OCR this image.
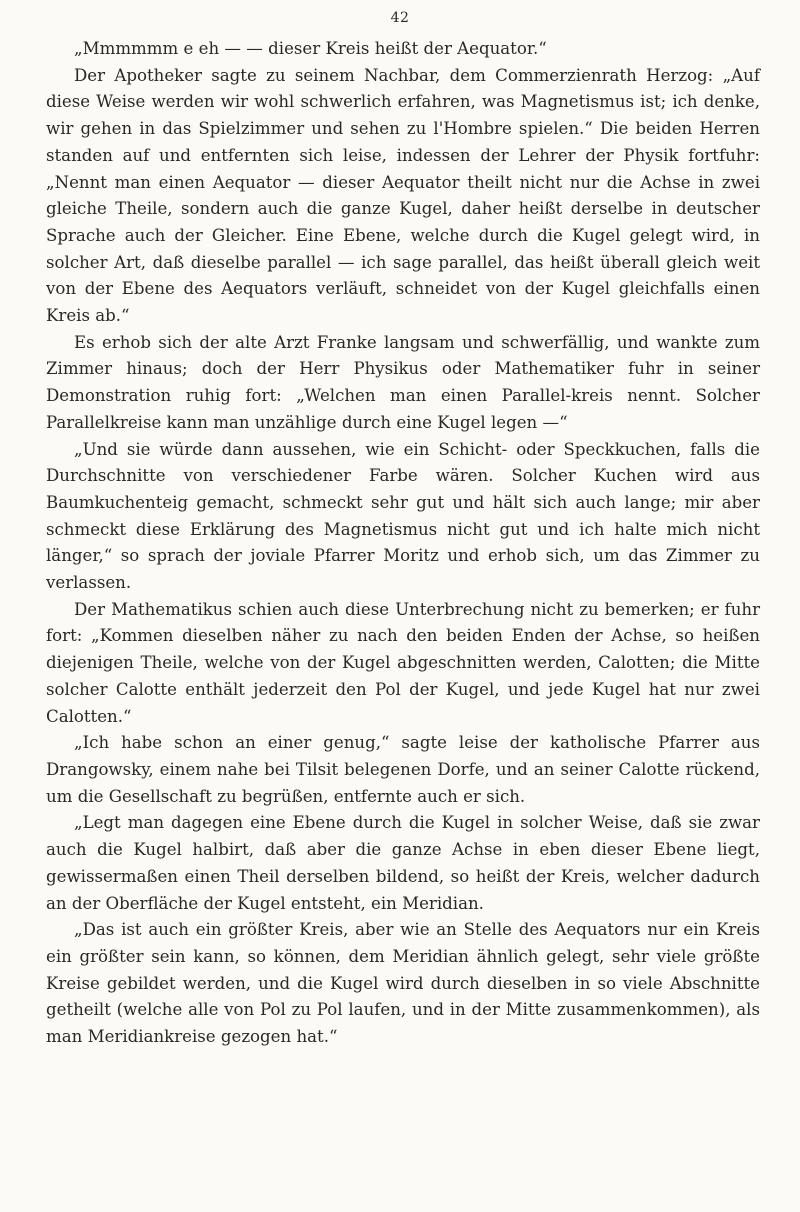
42

„Mmmmmm e eh — — dieser Kreis heißt der Aequator.“

Der Apotheker sagte zu seinem Nachbar, dem Commerzienrath Herzog: „Auf diese Weise werden wir wohl schwerlich erfahren, was Magnetismus ist; ich denke, wir gehen in das Spielzimmer und sehen zu l'Hombre spielen.“ Die beiden Herren standen auf und entfernten sich leise, indessen der Lehrer der Physik fortfuhr: „Nennt man einen Aequator — dieser Aequator theilt nicht nur die Achse in zwei gleiche Theile, sondern auch die ganze Kugel, daher heißt derselbe in deutscher Sprache auch der Gleicher. Eine Ebene, welche durch die Kugel gelegt wird, in solcher Art, daß dieselbe parallel — ich sage parallel, das heißt überall gleich weit von der Ebene des Aequators verläuft, schneidet von der Kugel gleichfalls einen Kreis ab.“

Es erhob sich der alte Arzt Franke langsam und schwerfällig, und wankte zum Zimmer hinaus; doch der Herr Physikus oder Mathematiker fuhr in seiner Demonstration ruhig fort: „Welchen man einen Parallel-kreis nennt. Solcher Parallelkreise kann man unzählige durch eine Kugel legen —“

„Und sie würde dann aussehen, wie ein Schicht- oder Speckkuchen, falls die Durchschnitte von verschiedener Farbe wären. Solcher Kuchen wird aus Baumkuchenteig gemacht, schmeckt sehr gut und hält sich auch lange; mir aber schmeckt diese Erklärung des Magnetismus nicht gut und ich halte mich nicht länger,“ so sprach der joviale Pfarrer Moritz und erhob sich, um das Zimmer zu verlassen.

Der Mathematikus schien auch diese Unterbrechung nicht zu bemerken; er fuhr fort: „Kommen dieselben näher zu nach den beiden Enden der Achse, so heißen diejenigen Theile, welche von der Kugel abgeschnitten werden, Calotten; die Mitte solcher Calotte enthält jederzeit den Pol der Kugel, und jede Kugel hat nur zwei Calotten.“

„Ich habe schon an einer genug,“ sagte leise der katholische Pfarrer aus Drangowsky, einem nahe bei Tilsit belegenen Dorfe, und an seiner Calotte rückend, um die Gesellschaft zu begrüßen, entfernte auch er sich.

„Legt man dagegen eine Ebene durch die Kugel in solcher Weise, daß sie zwar auch die Kugel halbirt, daß aber die ganze Achse in eben dieser Ebene liegt, gewissermaßen einen Theil derselben bildend, so heißt der Kreis, welcher dadurch an der Oberfläche der Kugel entsteht, ein Meridian.

„Das ist auch ein größter Kreis, aber wie an Stelle des Aequators nur ein Kreis ein größter sein kann, so können, dem Meridian ähnlich gelegt, sehr viele größte Kreise gebildet werden, und die Kugel wird durch dieselben in so viele Abschnitte getheilt (welche alle von Pol zu Pol laufen, und in der Mitte zusammenkommen), als man Meridiankreise gezogen hat.“
